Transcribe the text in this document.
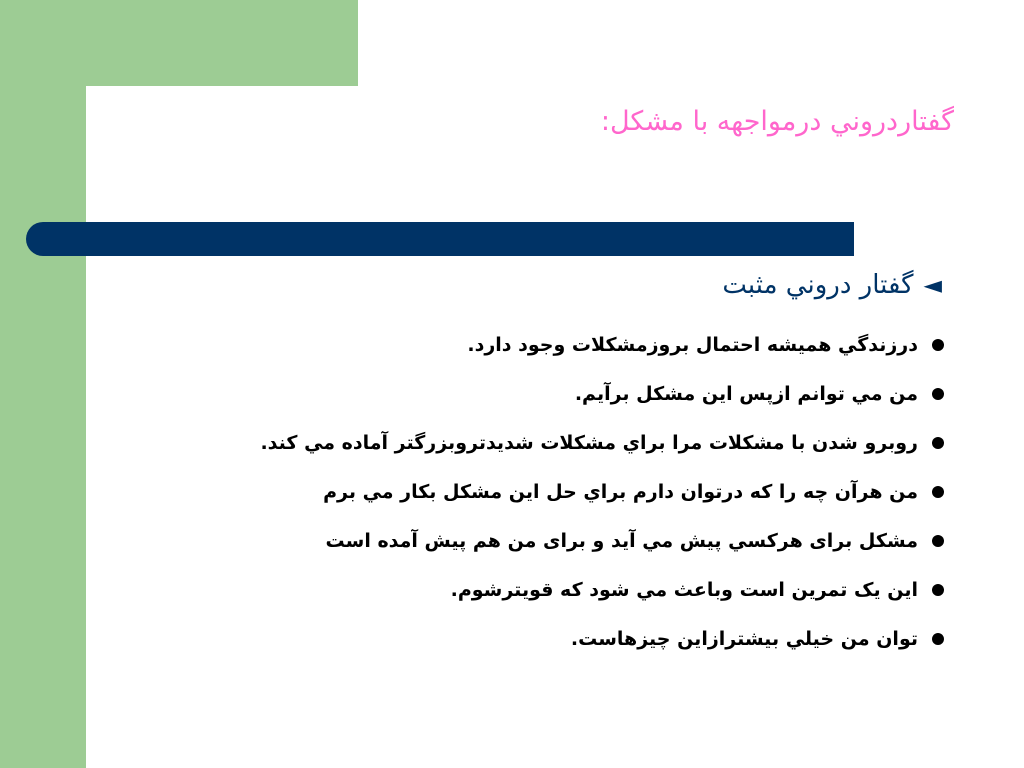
گفتاردروني درمواجهه با مشكل:
◄گفتار دروني مثبت
درزندگي هميشه احتمال بروزمشكلات وجود دارد.
من مي توانم ازپس اين مشكل برآيم.
روبرو شدن با مشكلات مرا براي مشكلات شديدتروبزرگتر آماده مي كند.
من هرآن چه را كه درتوان دارم براي حل اين مشكل بكار مي برم
مشکل برای هرکسي پيش مي آيد و برای من هم پیش آمده است
این یک تمرین است وباعث مي شود كه قويترشوم.
توان من خيلي بيشترازاين چيزهاست.
